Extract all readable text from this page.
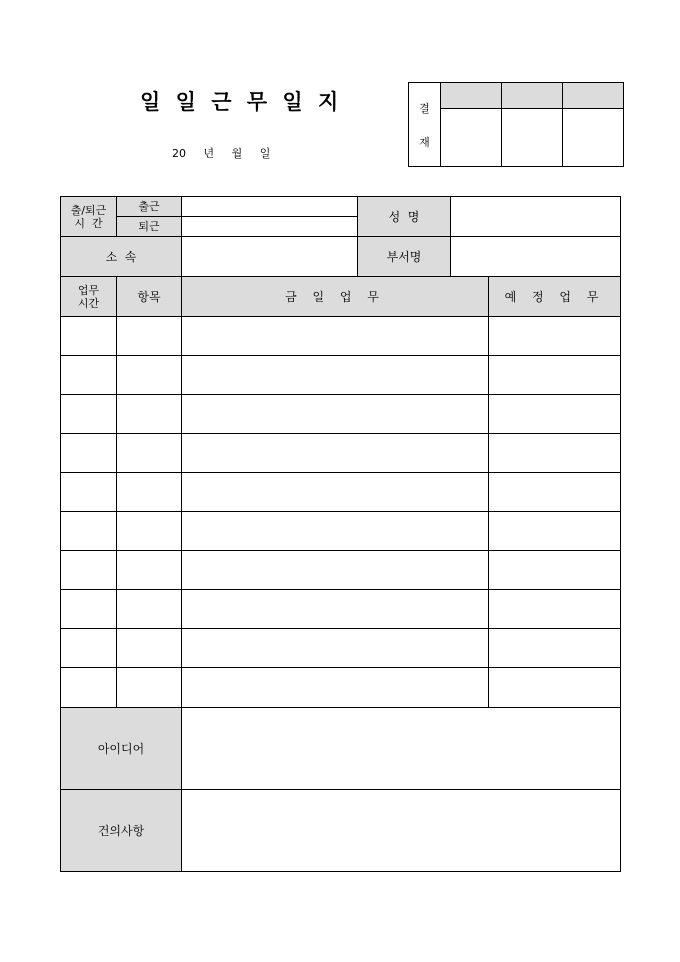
일 일 근 무 일 지
20 년 월 일
결
재			

출/퇴근
시  간	출근		성  명		
	퇴근				
소  속			부서명		

업무
시간	항목	금 일 업 무			예 정 업 무

아이디어					
건의사항					
